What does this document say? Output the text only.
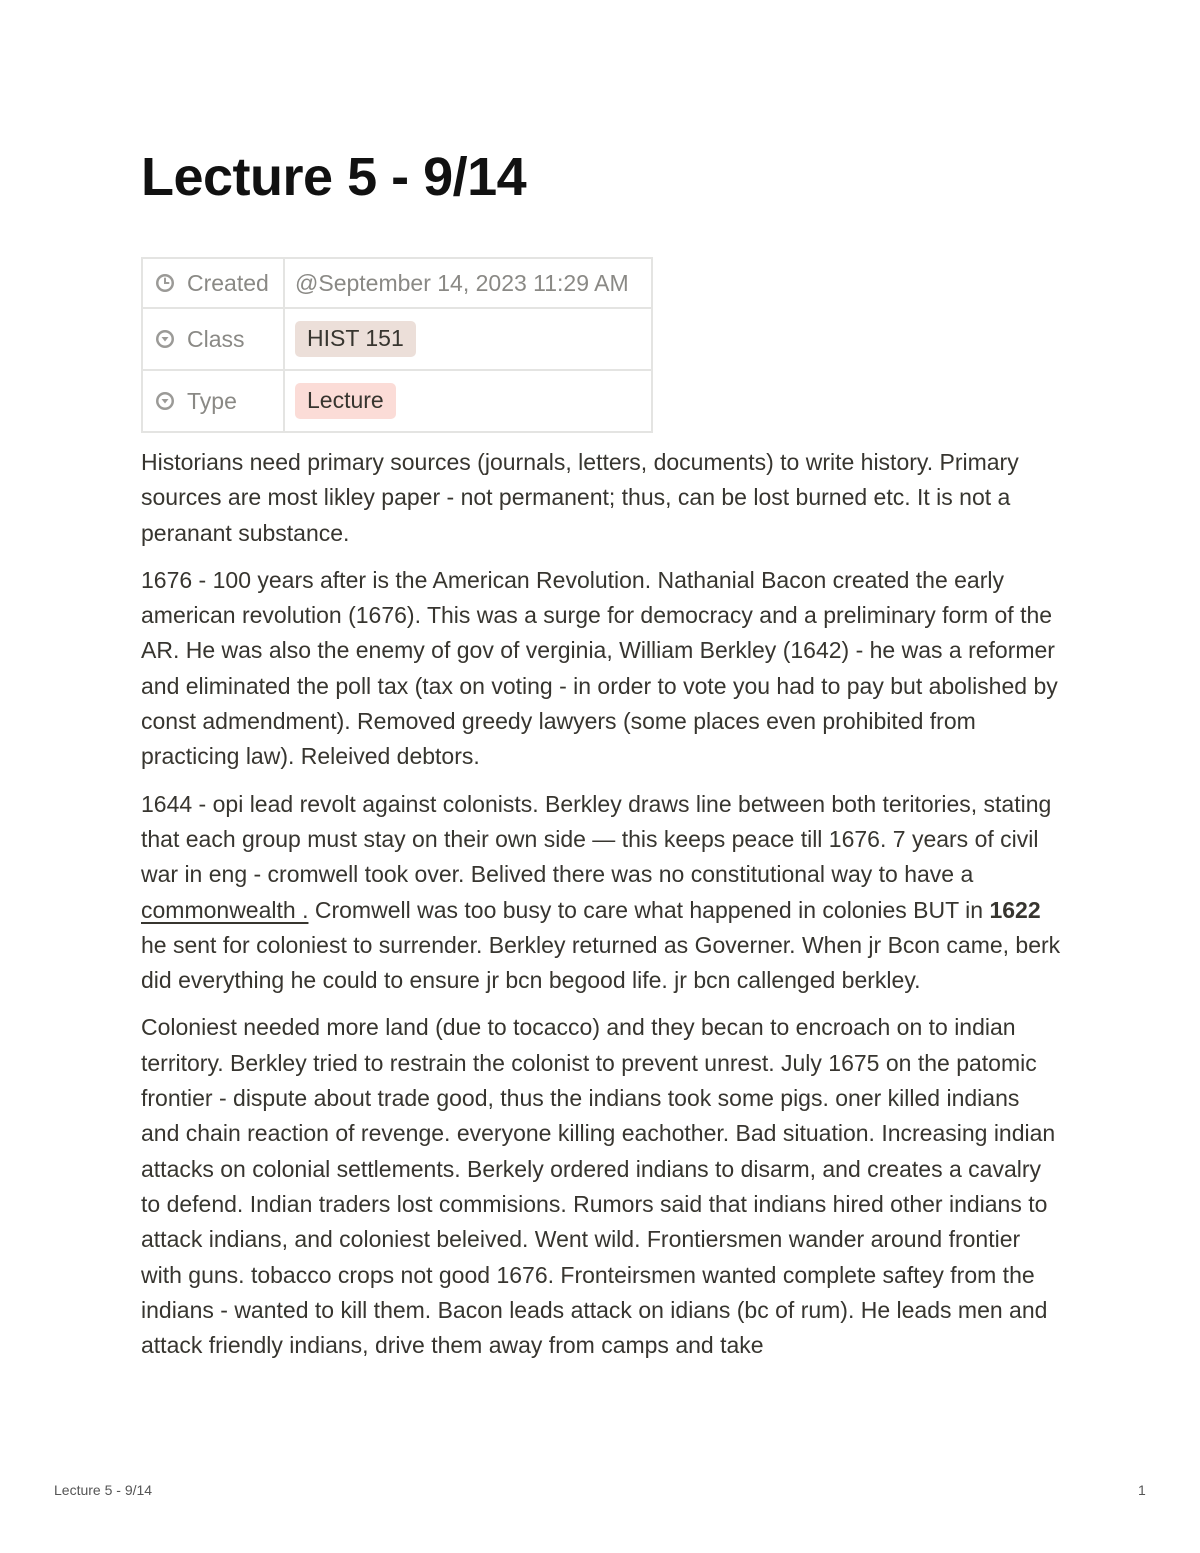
Lecture 5 - 9/14
Created	@September 14, 2023 11:29 AM

Class	HIST 151

Type	Lecture

Historians need primary sources (journals, letters, documents) to write history. Primary sources are most likley paper - not permanent; thus, can be lost burned etc. It is not a peranant substance.

1676 - 100 years after is the American Revolution. Nathanial Bacon created the early american revolution (1676). This was a surge for democracy and a preliminary form of the AR. He was also the enemy of gov of verginia, William Berkley (1642) - he was a reformer and eliminated the poll tax (tax on voting - in order to vote you had to pay but abolished by const admendment). Removed greedy lawyers (some places even prohibited from practicing law). Releived debtors.

1644 - opi lead revolt against colonists. Berkley draws line between both teritories, stating that each group must stay on their own side — this keeps peace till 1676. 7 years of civil war in eng - cromwell took over. Belived there was no constitutional way to have a commonwealth . Cromwell was too busy to care what happened in colonies BUT in 1622 he sent for coloniest to surrender. Berkley returned as Governer. When jr Bcon came, berk did everything he could to ensure jr bcn begood life. jr bcn callenged berkley.

Coloniest needed more land (due to tocacco) and they becan to encroach on to indian territory. Berkley tried to restrain the colonist to prevent unrest. July 1675 on the patomic frontier - dispute about trade good, thus the indians took some pigs. oner killed indians and chain reaction of revenge. everyone killing eachother. Bad situation. Increasing indian attacks on colonial settlements. Berkely ordered indians to disarm, and creates a cavalry to defend. Indian traders lost commisions. Rumors said that indians hired other indians to attack indians, and coloniest beleived. Went wild. Frontiersmen wander around frontier with guns. tobacco crops not good 1676. Fronteirsmen wanted complete saftey from the indians - wanted to kill them. Bacon leads attack on idians (bc of rum). He leads men and attack friendly indians, drive them away from camps and take

Lecture 5 - 9/14	1
